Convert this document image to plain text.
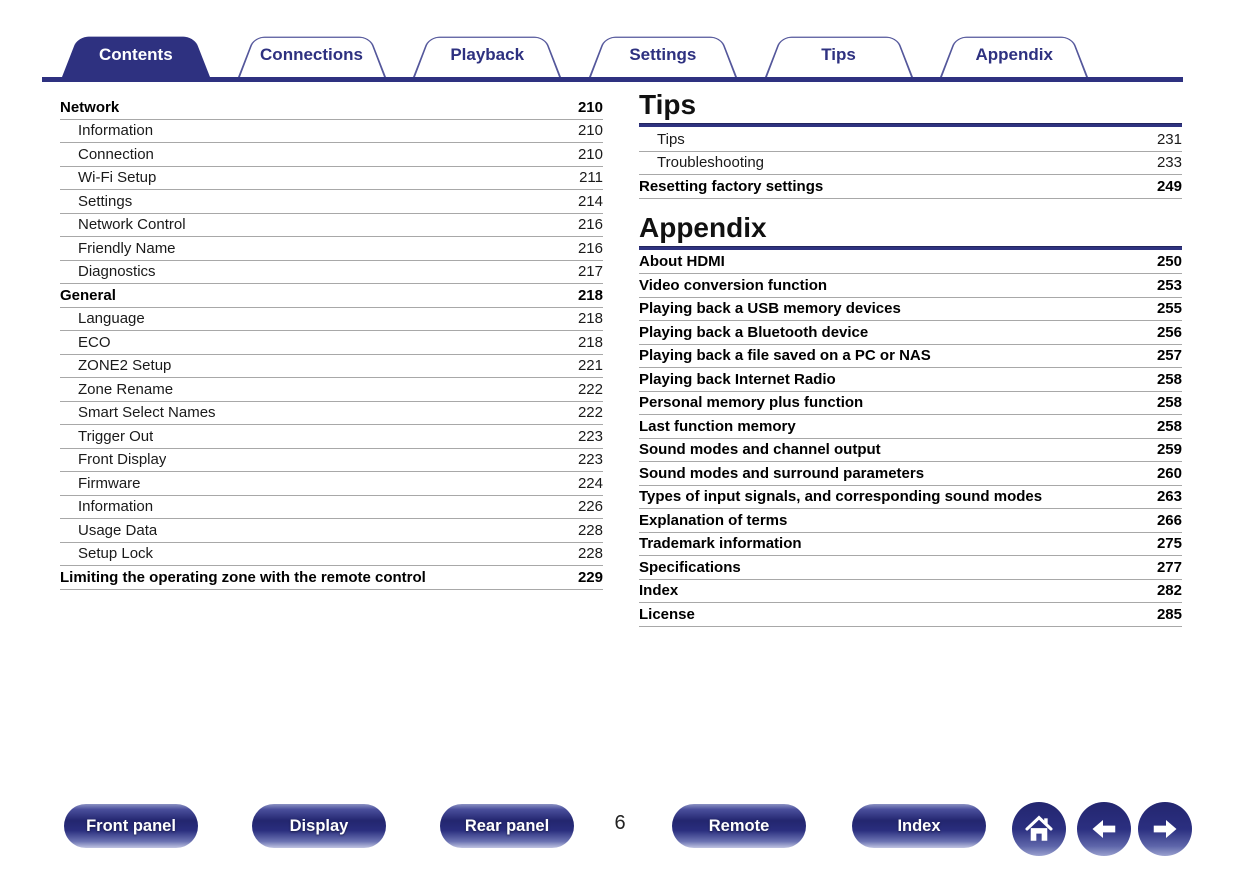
Contents	Connections	Playback	Settings	Tips	Appendix
Network	210
Information	210
Connection	210
Wi-Fi Setup	211
Settings	214
Network Control	216
Friendly Name	216
Diagnostics	217
General	218
Language	218
ECO	218
ZONE2 Setup	221
Zone Rename	222
Smart Select Names	222
Trigger Out	223
Front Display	223
Firmware	224
Information	226
Usage Data	228
Setup Lock	228
Limiting the operating zone with the remote control	229
Tips
Tips	231
Troubleshooting	233
Resetting factory settings	249
Appendix
About HDMI	250
Video conversion function	253
Playing back a USB memory devices	255
Playing back a Bluetooth device	256
Playing back a file saved on a PC or NAS	257
Playing back Internet Radio	258
Personal memory plus function	258
Last function memory	258
Sound modes and channel output	259
Sound modes and surround parameters	260
Types of input signals, and corresponding sound modes	263
Explanation of terms	266
Trademark information	275
Specifications	277
Index	282
License	285
Front panel	Display	Rear panel	6	Remote	Index
